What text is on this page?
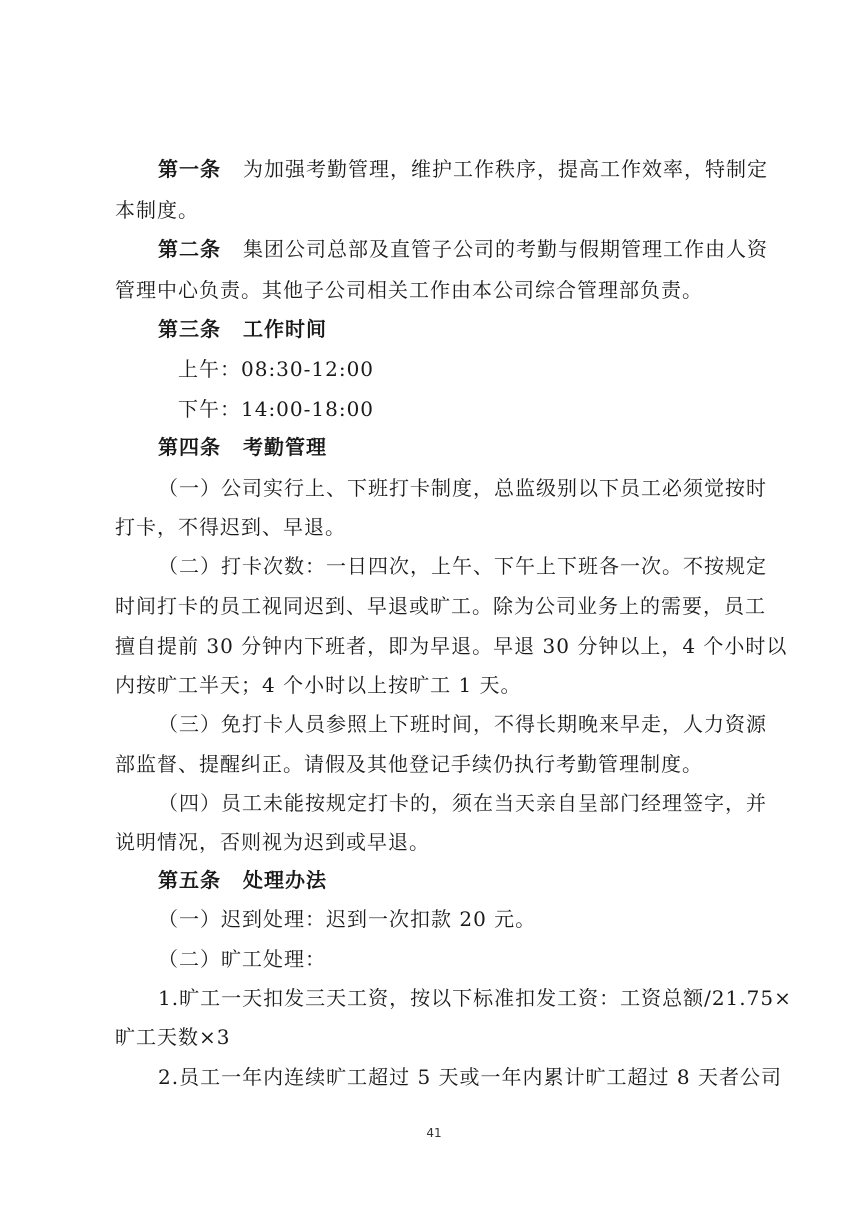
第一条 为加强考勤管理，维护工作秩序，提高工作效率，特制定
本制度。
第二条 集团公司总部及直管子公司的考勤与假期管理工作由人资
管理中心负责。其他子公司相关工作由本公司综合管理部负责。
第三条 工作时间
上午：08:30-12:00
下午：14:00-18:00
第四条 考勤管理
（一）公司实行上、下班打卡制度，总监级别以下员工必须觉按时
打卡，不得迟到、早退。
（二）打卡次数：一日四次，上午、下午上下班各一次。不按规定
时间打卡的员工视同迟到、早退或旷工。除为公司业务上的需要，员工
擅自提前 30 分钟内下班者，即为早退。早退 30 分钟以上，4 个小时以
内按旷工半天；4 个小时以上按旷工 1 天。
（三）免打卡人员参照上下班时间，不得长期晚来早走，人力资源
部监督、提醒纠正。请假及其他登记手续仍执行考勤管理制度。
（四）员工未能按规定打卡的，须在当天亲自呈部门经理签字，并
说明情况，否则视为迟到或早退。
第五条 处理办法
（一）迟到处理：迟到一次扣款 20 元。
（二）旷工处理：
1.旷工一天扣发三天工资，按以下标准扣发工资：工资总额/21.75×
旷工天数×3
2.员工一年内连续旷工超过 5 天或一年内累计旷工超过 8 天者公司
41
